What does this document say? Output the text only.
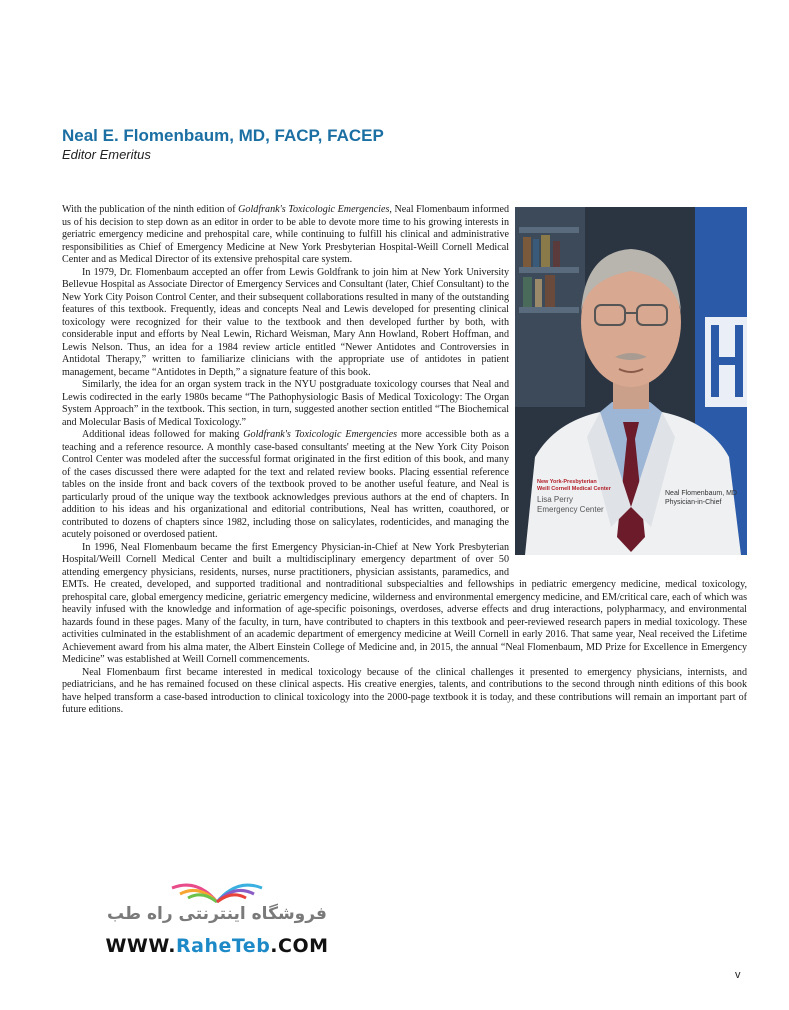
Neal E. Flomenbaum, MD, FACP, FACEP
Editor Emeritus
New York-Presbyterian
Weill Cornell Medical Center
Lisa Perry
Emergency Center
Neal Flomenbaum, MD
Physician-in-Chief

With the publication of the ninth edition of Goldfrank's Toxicologic Emergencies, Neal Flomenbaum informed us of his decision to step down as an editor in order to be able to devote more time to his growing interests in geriatric emergency medicine and prehospital care, while continuing to fulfill his clinical and administrative responsibilities as Chief of Emergency Medicine at New York Presbyterian Hospital-Weill Cornell Medical Center and as Medical Director of its extensive prehospital care system.

In 1979, Dr. Flomenbaum accepted an offer from Lewis Goldfrank to join him at New York University Bellevue Hospital as Associate Director of Emergency Services and Consultant (later, Chief Consultant) to the New York City Poison Control Center, and their subsequent collaborations resulted in many of the outstanding features of this textbook. Frequently, ideas and concepts Neal and Lewis developed for presenting clinical toxicology were recognized for their value to the textbook and then developed further by both, with considerable input and efforts by Neal Lewin, Richard Weisman, Mary Ann Howland, Robert Hoffman, and Lewis Nelson. Thus, an idea for a 1984 review article entitled “Newer Antidotes and Controversies in Antidotal Therapy,” written to familiarize clinicians with the appropriate use of antidotes in patient management, became “Antidotes in Depth,” a signature feature of this book.

Similarly, the idea for an organ system track in the NYU postgraduate toxicology courses that Neal and Lewis codirected in the early 1980s became “The Pathophysiologic Basis of Medical Toxicology: The Organ System Approach” in the textbook. This section, in turn, suggested another section entitled “The Biochemical and Molecular Basis of Medical Toxicology.”

Additional ideas followed for making Goldfrank's Toxicologic Emergencies more accessible both as a teaching and a reference resource. A monthly case-based consultants' meeting at the New York City Poison Control Center was modeled after the successful format originated in the first edition of this book, and many of the cases discussed there were adapted for the text and related review books. Placing essential reference tables on the inside front and back covers of the textbook proved to be another useful feature, and Neal is particularly proud of the unique way the textbook acknowledges previous authors at the end of chapters. In addition to his ideas and his organizational and editorial contributions, Neal has written, coauthored, or contributed to dozens of chapters since 1982, including those on salicylates, rodenticides, and managing the acutely poisoned or overdosed patient.

In 1996, Neal Flomenbaum became the first Emergency Physician-in-Chief at New York Presbyterian Hospital/Weill Cornell Medical Center and built a multidisciplinary emergency department of over 50 attending emergency physicians, residents, nurses, nurse practitioners, physician assistants, paramedics, and EMTs. He created, developed, and supported traditional and nontraditional subspecialties and fellowships in pediatric emergency medicine, medical toxicology, prehospital care, global emergency medicine, geriatric emergency medicine, wilderness and environmental emergency medicine, and EM/critical care, each of which was heavily infused with the knowledge and information of age-specific poisonings, overdoses, adverse effects and drug interactions, polypharmacy, and environmental hazards found in these pages. Many of the faculty, in turn, have contributed to chapters in this textbook and peer-reviewed research papers in medial toxicology. These activities culminated in the establishment of an academic department of emergency medicine at Weill Cornell in early 2016. That same year, Neal received the Lifetime Achievement award from his alma mater, the Albert Einstein College of Medicine and, in 2015, the annual “Neal Flomenbaum, MD Prize for Excellence in Emergency Medicine” was established at Weill Cornell commencements.

Neal Flomenbaum first became interested in medical toxicology because of the clinical challenges it presented to emergency physicians, internists, and pediatricians, and he has remained focused on these clinical aspects. His creative energies, talents, and contributions to the second through ninth editions of this book have helped transform a case-based introduction to clinical toxicology into the 2000-page textbook it is today, and these contributions will remain an important part of future editions.

فروشگاه اینترنتی راه طب
WWW.RaheTeb.COM
v
